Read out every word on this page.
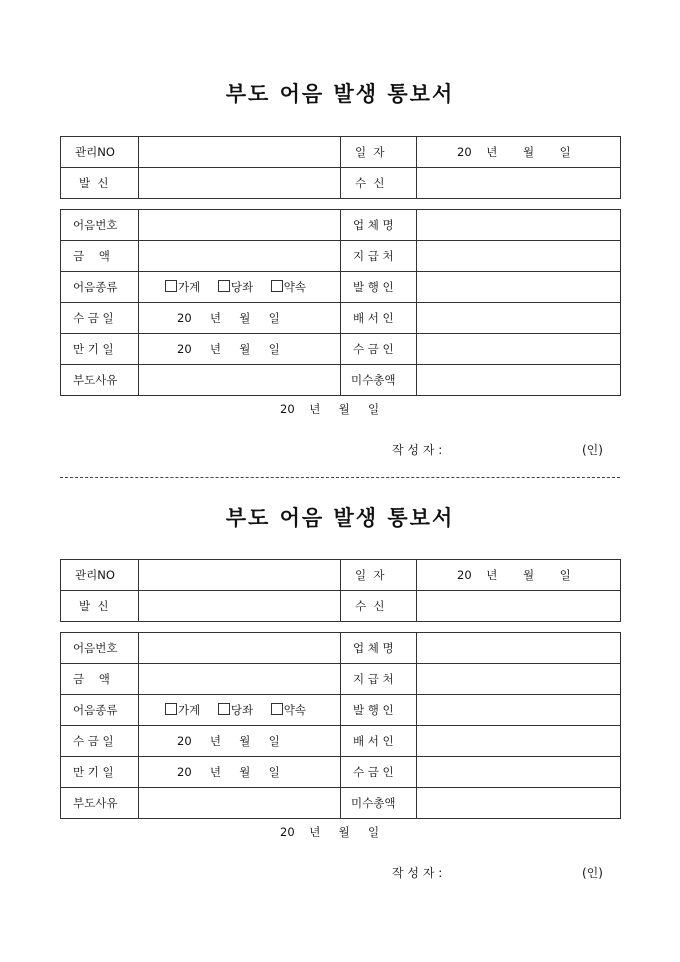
부도 어음 발생 통보서
관리NO		일  자	20    년       월       일
발  신		수  신	
어음번호		업 체 명	
금    액		지 급 처	
어음종류	가계 당좌 약속	발 행 인	
수 금 일	20     년     월     일	배 서 인	
만 기 일	20     년     월     일	수 금 인	
부도사유		미수총액	
20    년     월     일
작 성 자 :	(인)
부도 어음 발생 통보서
관리NO		일  자	20    년       월       일
발  신		수  신	
어음번호		업 체 명	
금    액		지 급 처	
어음종류	가계 당좌 약속	발 행 인	
수 금 일	20     년     월     일	배 서 인	
만 기 일	20     년     월     일	수 금 인	
부도사유		미수총액	
20    년     월     일
작 성 자 :	(인)
